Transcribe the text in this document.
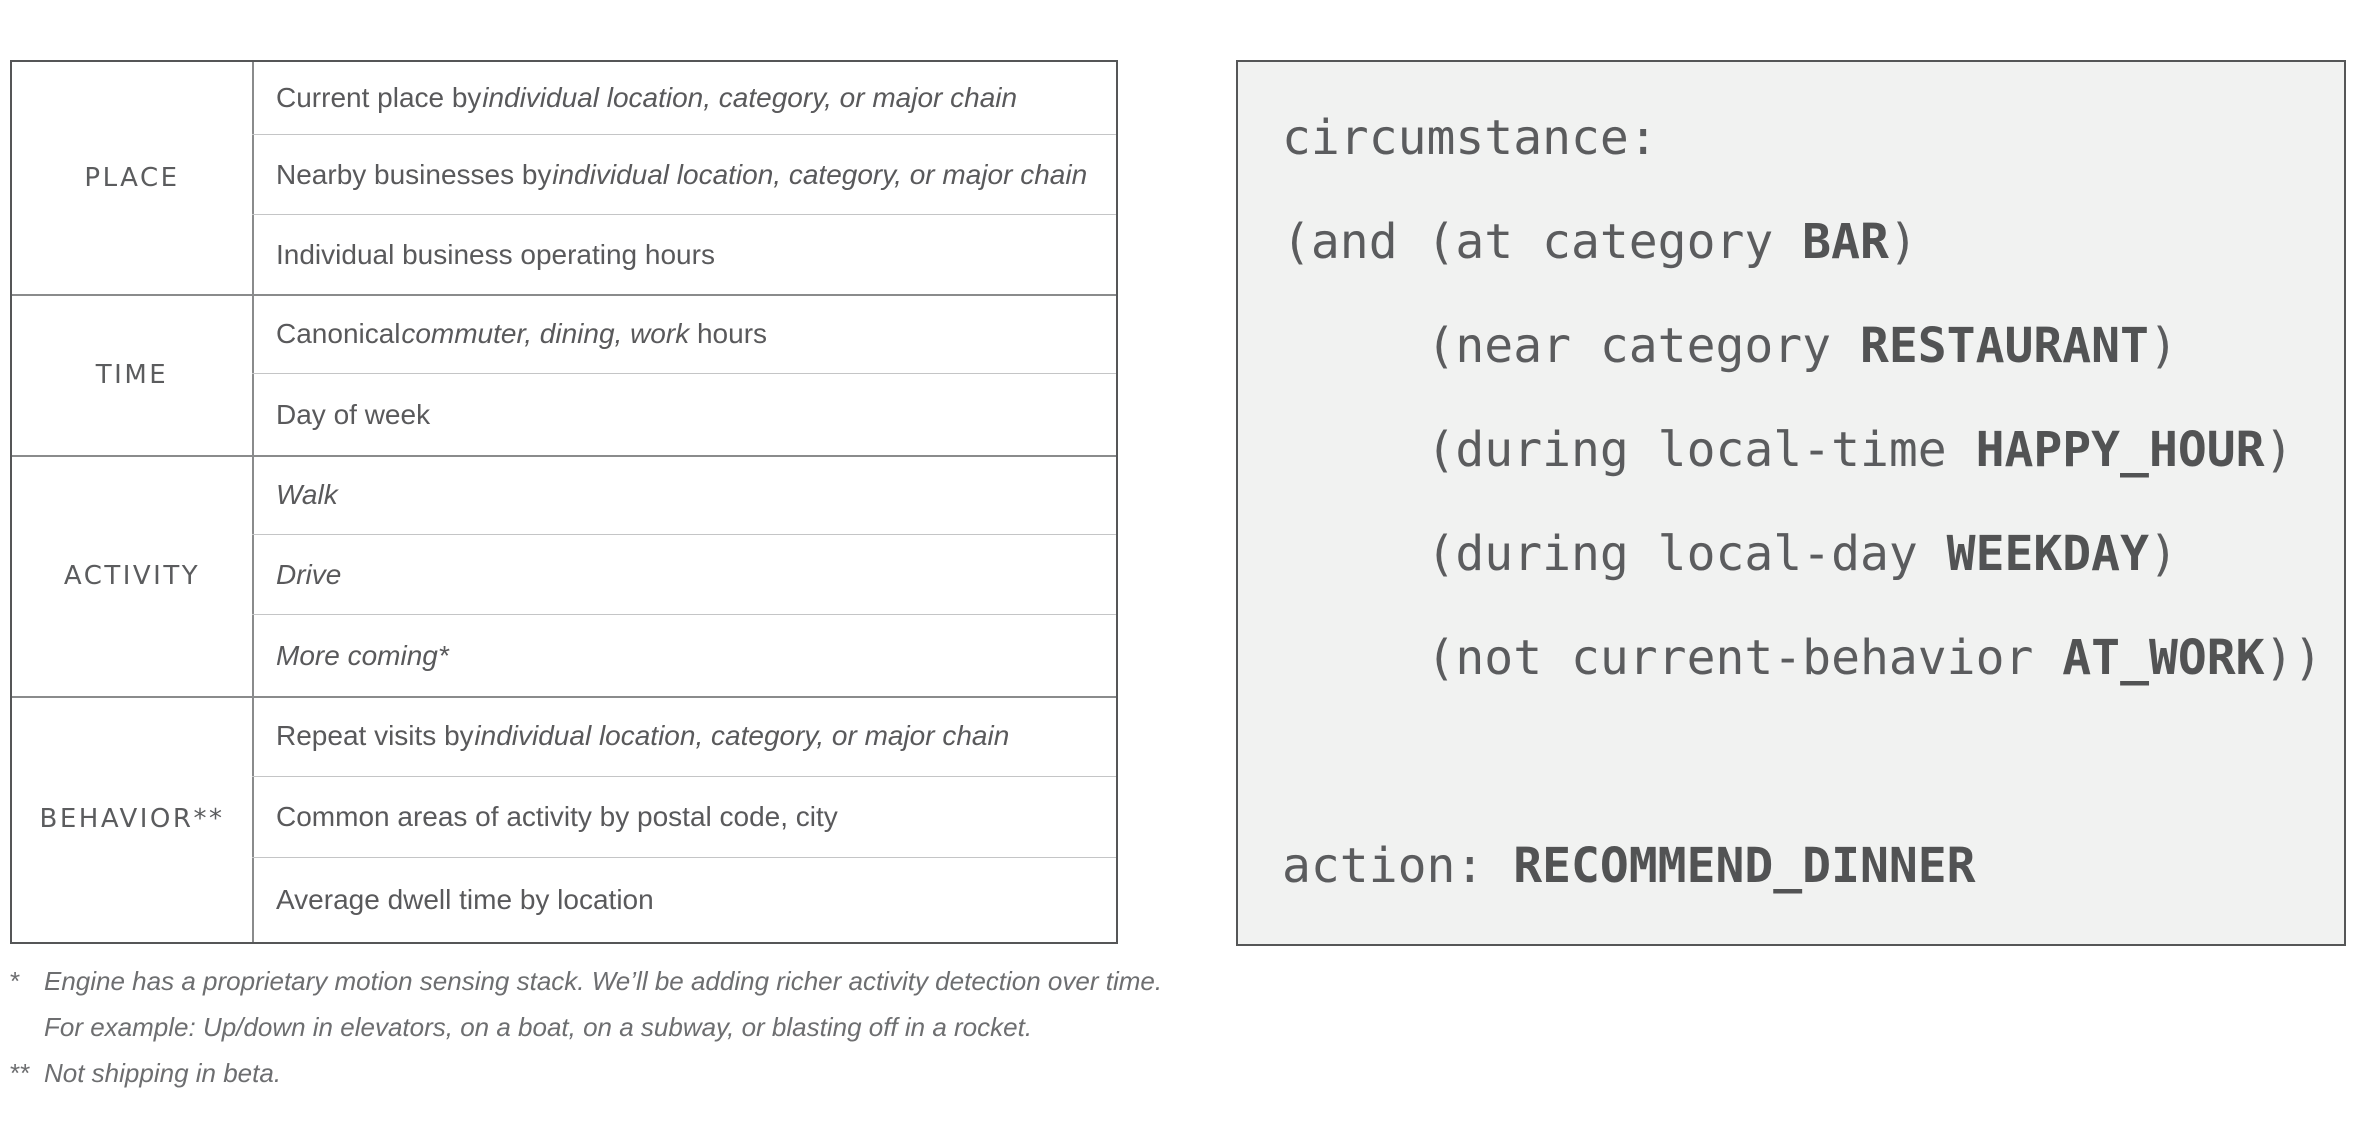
PLACE
Current place by
individual location, category, or major chain
Nearby businesses by
individual location, category, or major chain
Individual business operating hours
TIME
Canonical
commuter, dining, work hours
Day of week
ACTIVITY
Walk
Drive
More coming*
BEHAVIOR**
Repeat visits by
individual location, category, or major chain
Common areas of activity by postal code, city
Average dwell time by location
* Engine has a proprietary motion sensing stack. We’ll be adding richer activity detection over time.
For example: Up/down in elevators, on a boat, on a subway, or blasting off in a rocket.
** Not shipping in beta.
circumstance:
(and (at category BAR)
(near category RESTAURANT)
(during local-time HAPPY_HOUR)
(during local-day WEEKDAY)
(not current-behavior AT_WORK))
action: RECOMMEND_DINNER
